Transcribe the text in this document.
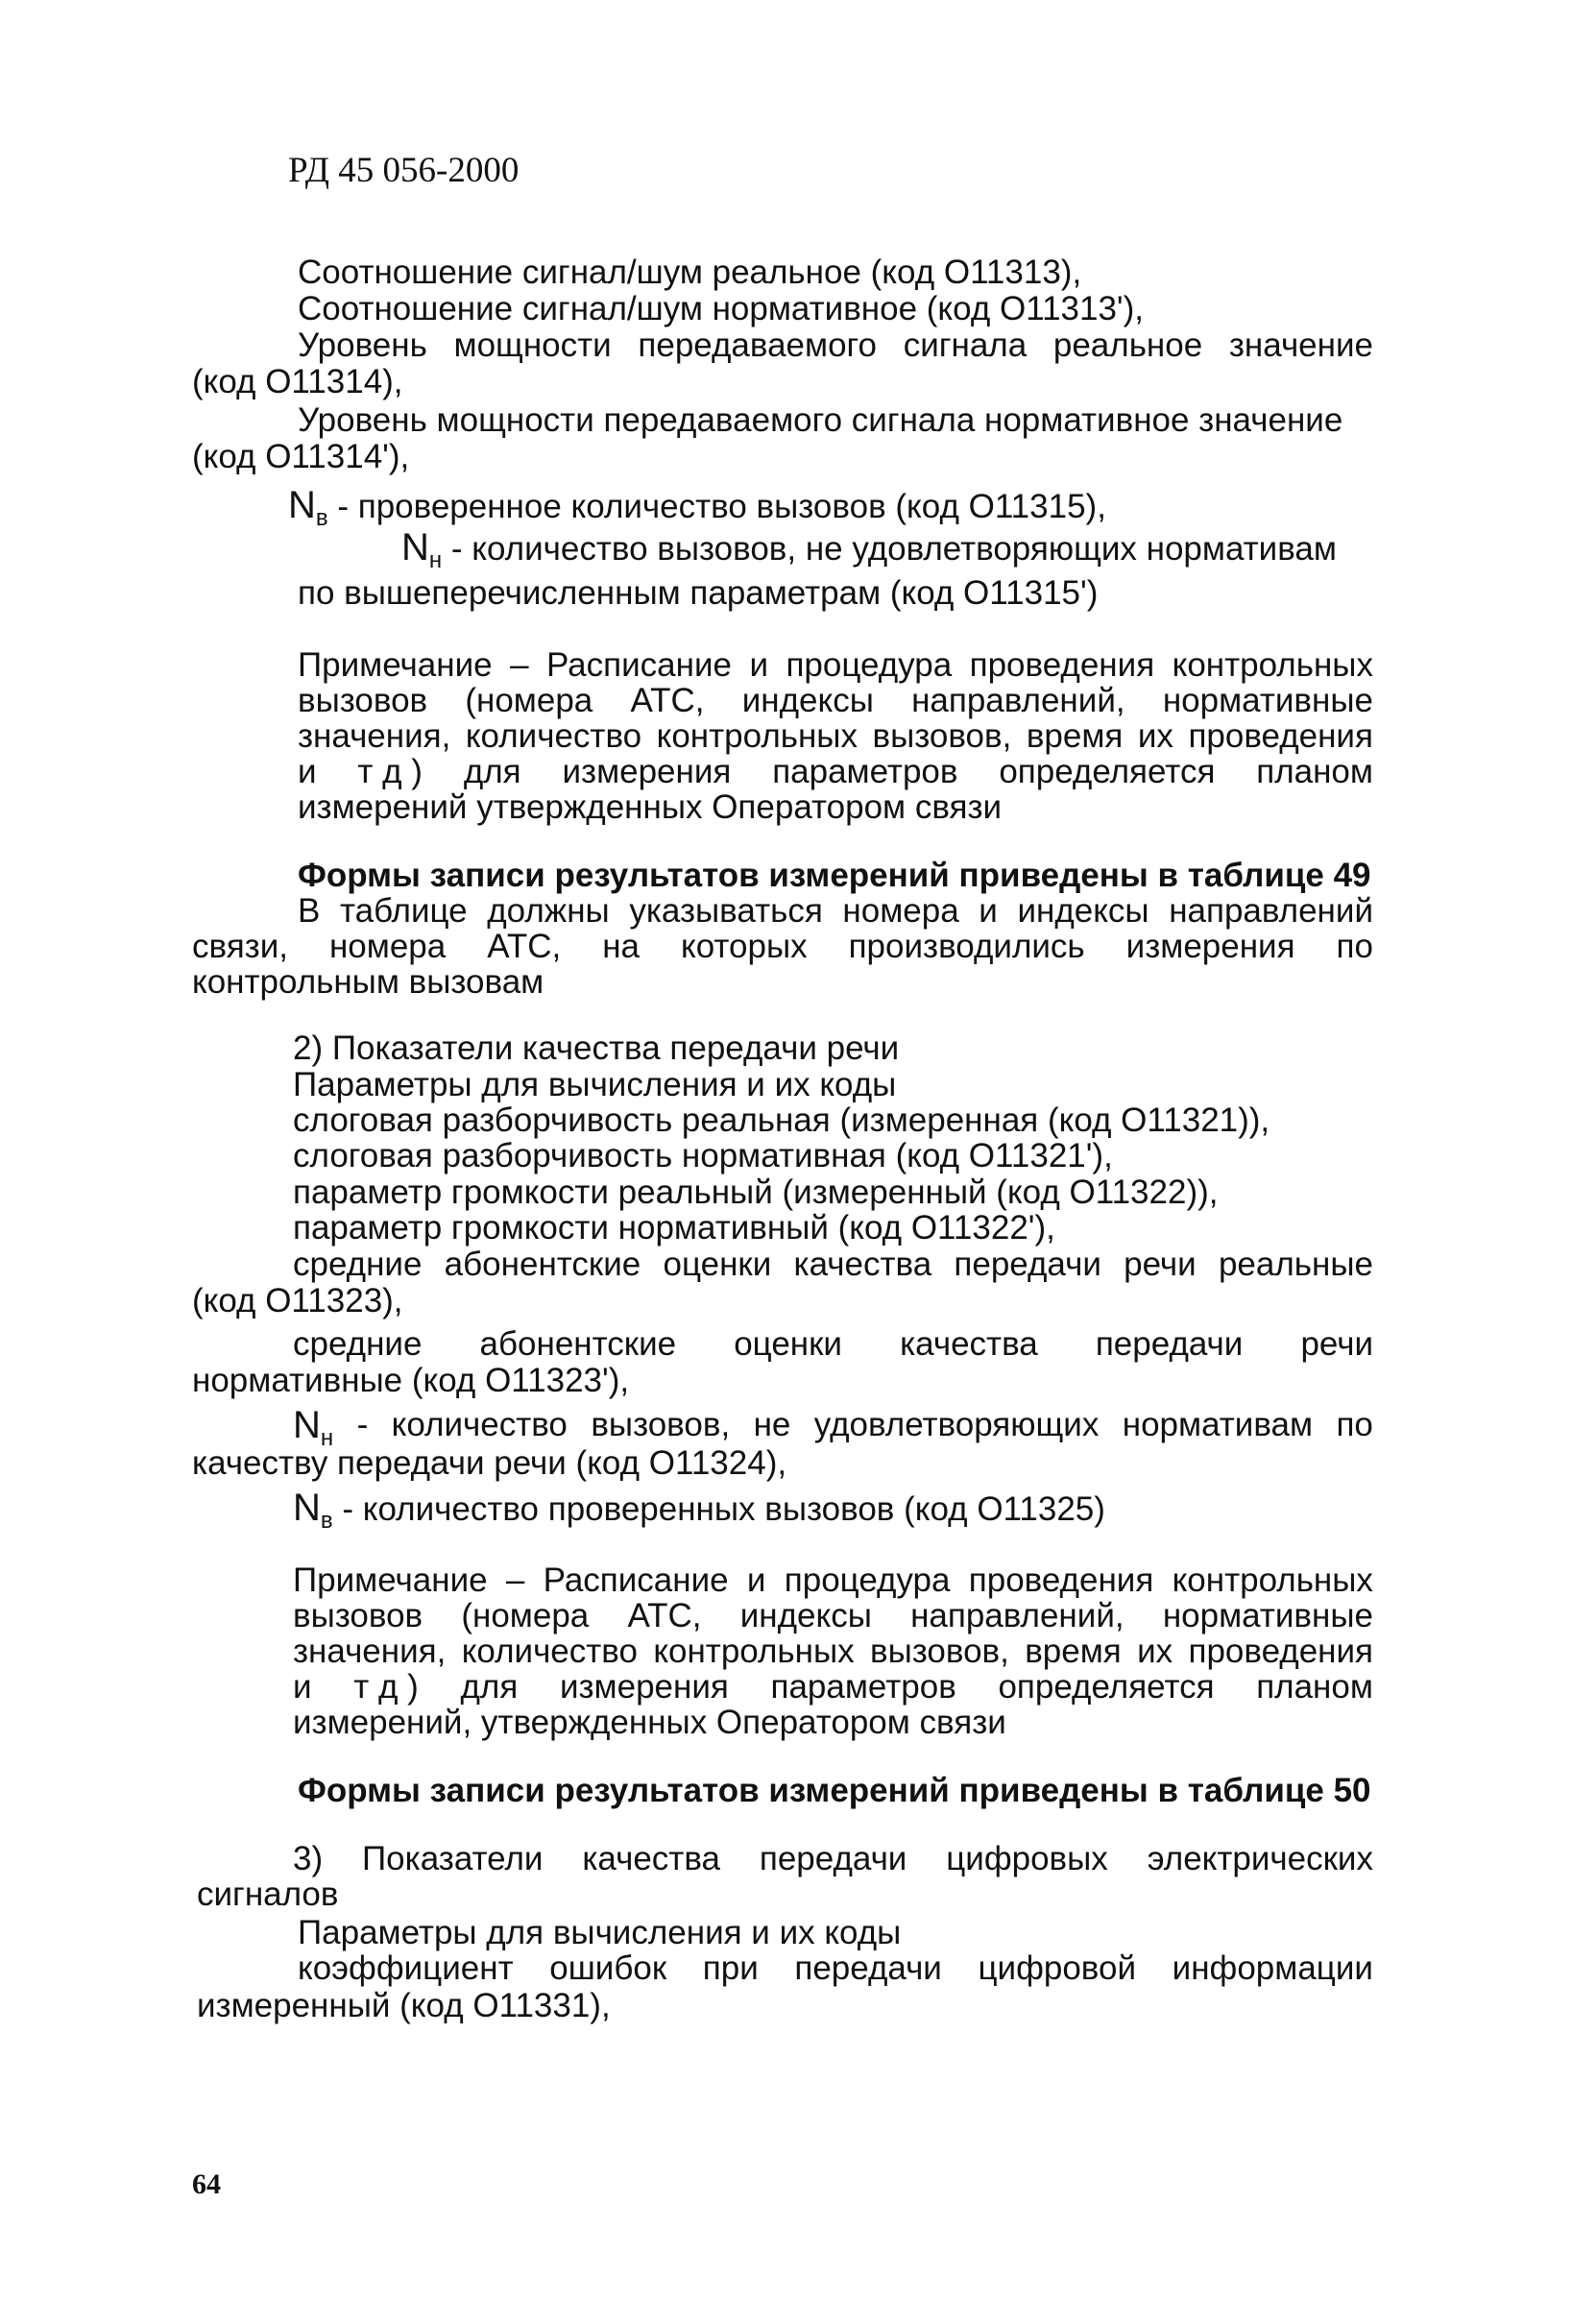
РД 45 056-2000
Соотношение сигнал/шум реальное (код О11313),
Соотношение сигнал/шум нормативное (код О11313'),
Уровень мощности передаваемого сигнала реальное значение
(код О11314),
Уровень мощности передаваемого сигнала нормативное значение
(код О11314'),
$N_в$ - проверенное количество вызовов (код О11315),
$N_н$ - количество вызовов, не удовлетворяющих нормативам
по вышеперечисленным параметрам (код О11315')
Примечание – Расписание и процедура проведения контрольных
вызовов (номера АТС, индексы направлений, нормативные
значения, количество контрольных вызовов, время их проведения
и т д ) для измерения параметров определяется планом
измерений утвержденных Оператором связи
Формы записи результатов измерений приведены в таблице 49
В таблице должны указываться номера и индексы направлений
связи, номера АТС, на которых производились измерения по
контрольным вызовам
2) Показатели качества передачи речи
Параметры для вычисления и их коды
слоговая разборчивость реальная (измеренная (код О11321)),
слоговая разборчивость нормативная (код О11321'),
параметр громкости реальный (измеренный (код О11322)),
параметр громкости нормативный (код О11322'),
средние абонентские оценки качества передачи речи реальные
(код О11323),
средние абонентские оценки качества передачи речи
нормативные (код О11323'),
$N_н$ - количество вызовов, не удовлетворяющих нормативам по
качеству передачи речи (код О11324),
$N_в$ - количество проверенных вызовов (код О11325)
Примечание – Расписание и процедура проведения контрольных
вызовов (номера АТС, индексы направлений, нормативные
значения, количество контрольных вызовов, время их проведения
и т д ) для измерения параметров определяется планом
измерений, утвержденных Оператором связи
Формы записи результатов измерений приведены в таблице 50
3) Показатели качества передачи цифровых электрических
сигналов
Параметры для вычисления и их коды
коэффициент ошибок при передачи цифровой информации
измеренный (код О11331),
64
